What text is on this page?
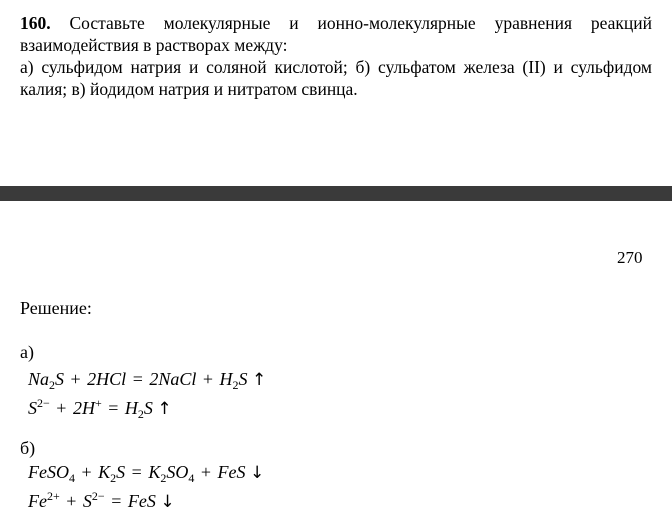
160. Составьте молекулярные и ионно-молекулярные уравнения реакций взаимодействия в растворах между:

а) сульфидом натрия и соляной кислотой; б) сульфатом железа (II) и сульфидом калия; в) йодидом натрия и нитратом свинца.

270
Решение:
а)
$Na_2S + 2HCl$ = 2NaCl + $H_2S$ ↑
$S^{2-} + 2H^+ = H_2S$ ↑
б)
FeSO$_4$ + $K_2S = K_2SO_4$ + FeS ↓
$Fe^{2+} + S^{2-}$ = FeS ↓
